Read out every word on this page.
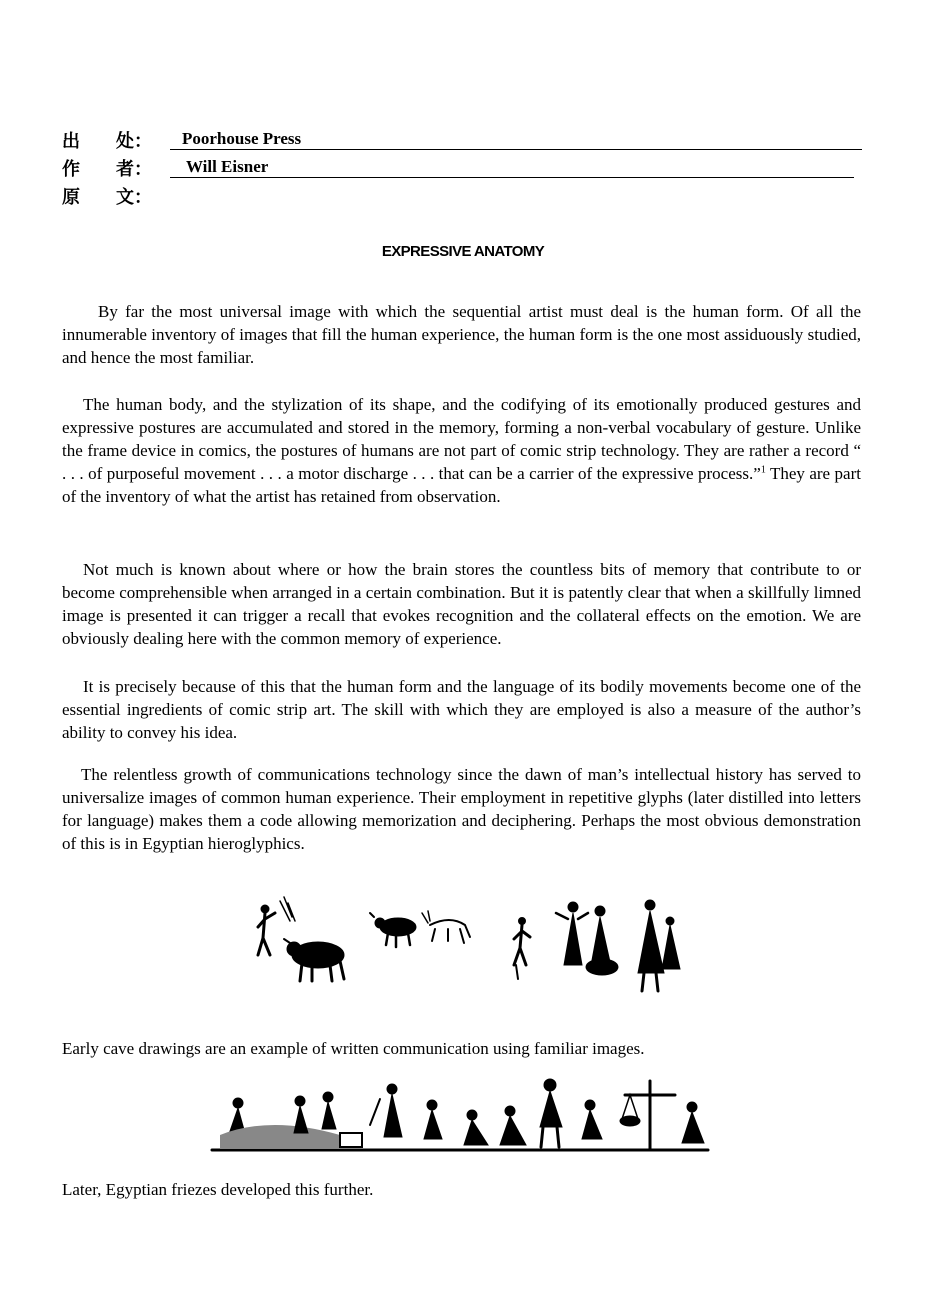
出　　处：	Poorhouse Press
作　　者：	Will Eisner
原　　文：
EXPRESSIVE ANATOMY

By far the most universal image with which the sequential artist must deal is the human form. Of all the innumerable inventory of images that fill the human experience, the human form is the one most assiduously studied, and hence the most familiar.

The human body, and the stylization of its shape, and the codifying of its emotionally produced gestures and expressive postures are accumulated and stored in the memory, forming a non-verbal vocabulary of gesture. Unlike the frame device in comics, the postures of humans are not part of comic strip technology. They are rather a record “ . . . of purposeful movement . . . a motor discharge . . . that can be a carrier of the expressive process.”$^1$ They are part of the inventory of what the artist has retained from observation.

Not much is known about where or how the brain stores the countless bits of memory that contribute to or become comprehensible when arranged in a certain combination. But it is patently clear that when a skillfully limned image is presented it can trigger a recall that evokes recognition and the collateral effects on the emotion. We are obviously dealing here with the common memory of experience.

It is precisely because of this that the human form and the language of its bodily movements become one of the essential ingredients of comic strip art. The skill with which they are employed is also a measure of the author’s ability to convey his idea.

The relentless growth of communications technology since the dawn of man’s intellectual history has served to universalize images of common human experience. Their employment in repetitive glyphs (later distilled into letters for language) makes them a code allowing memorization and deciphering. Perhaps the most obvious demonstration of this is in Egyptian hieroglyphics.

Early cave drawings are an example of written communication using familiar images.

Later, Egyptian friezes developed this further.
